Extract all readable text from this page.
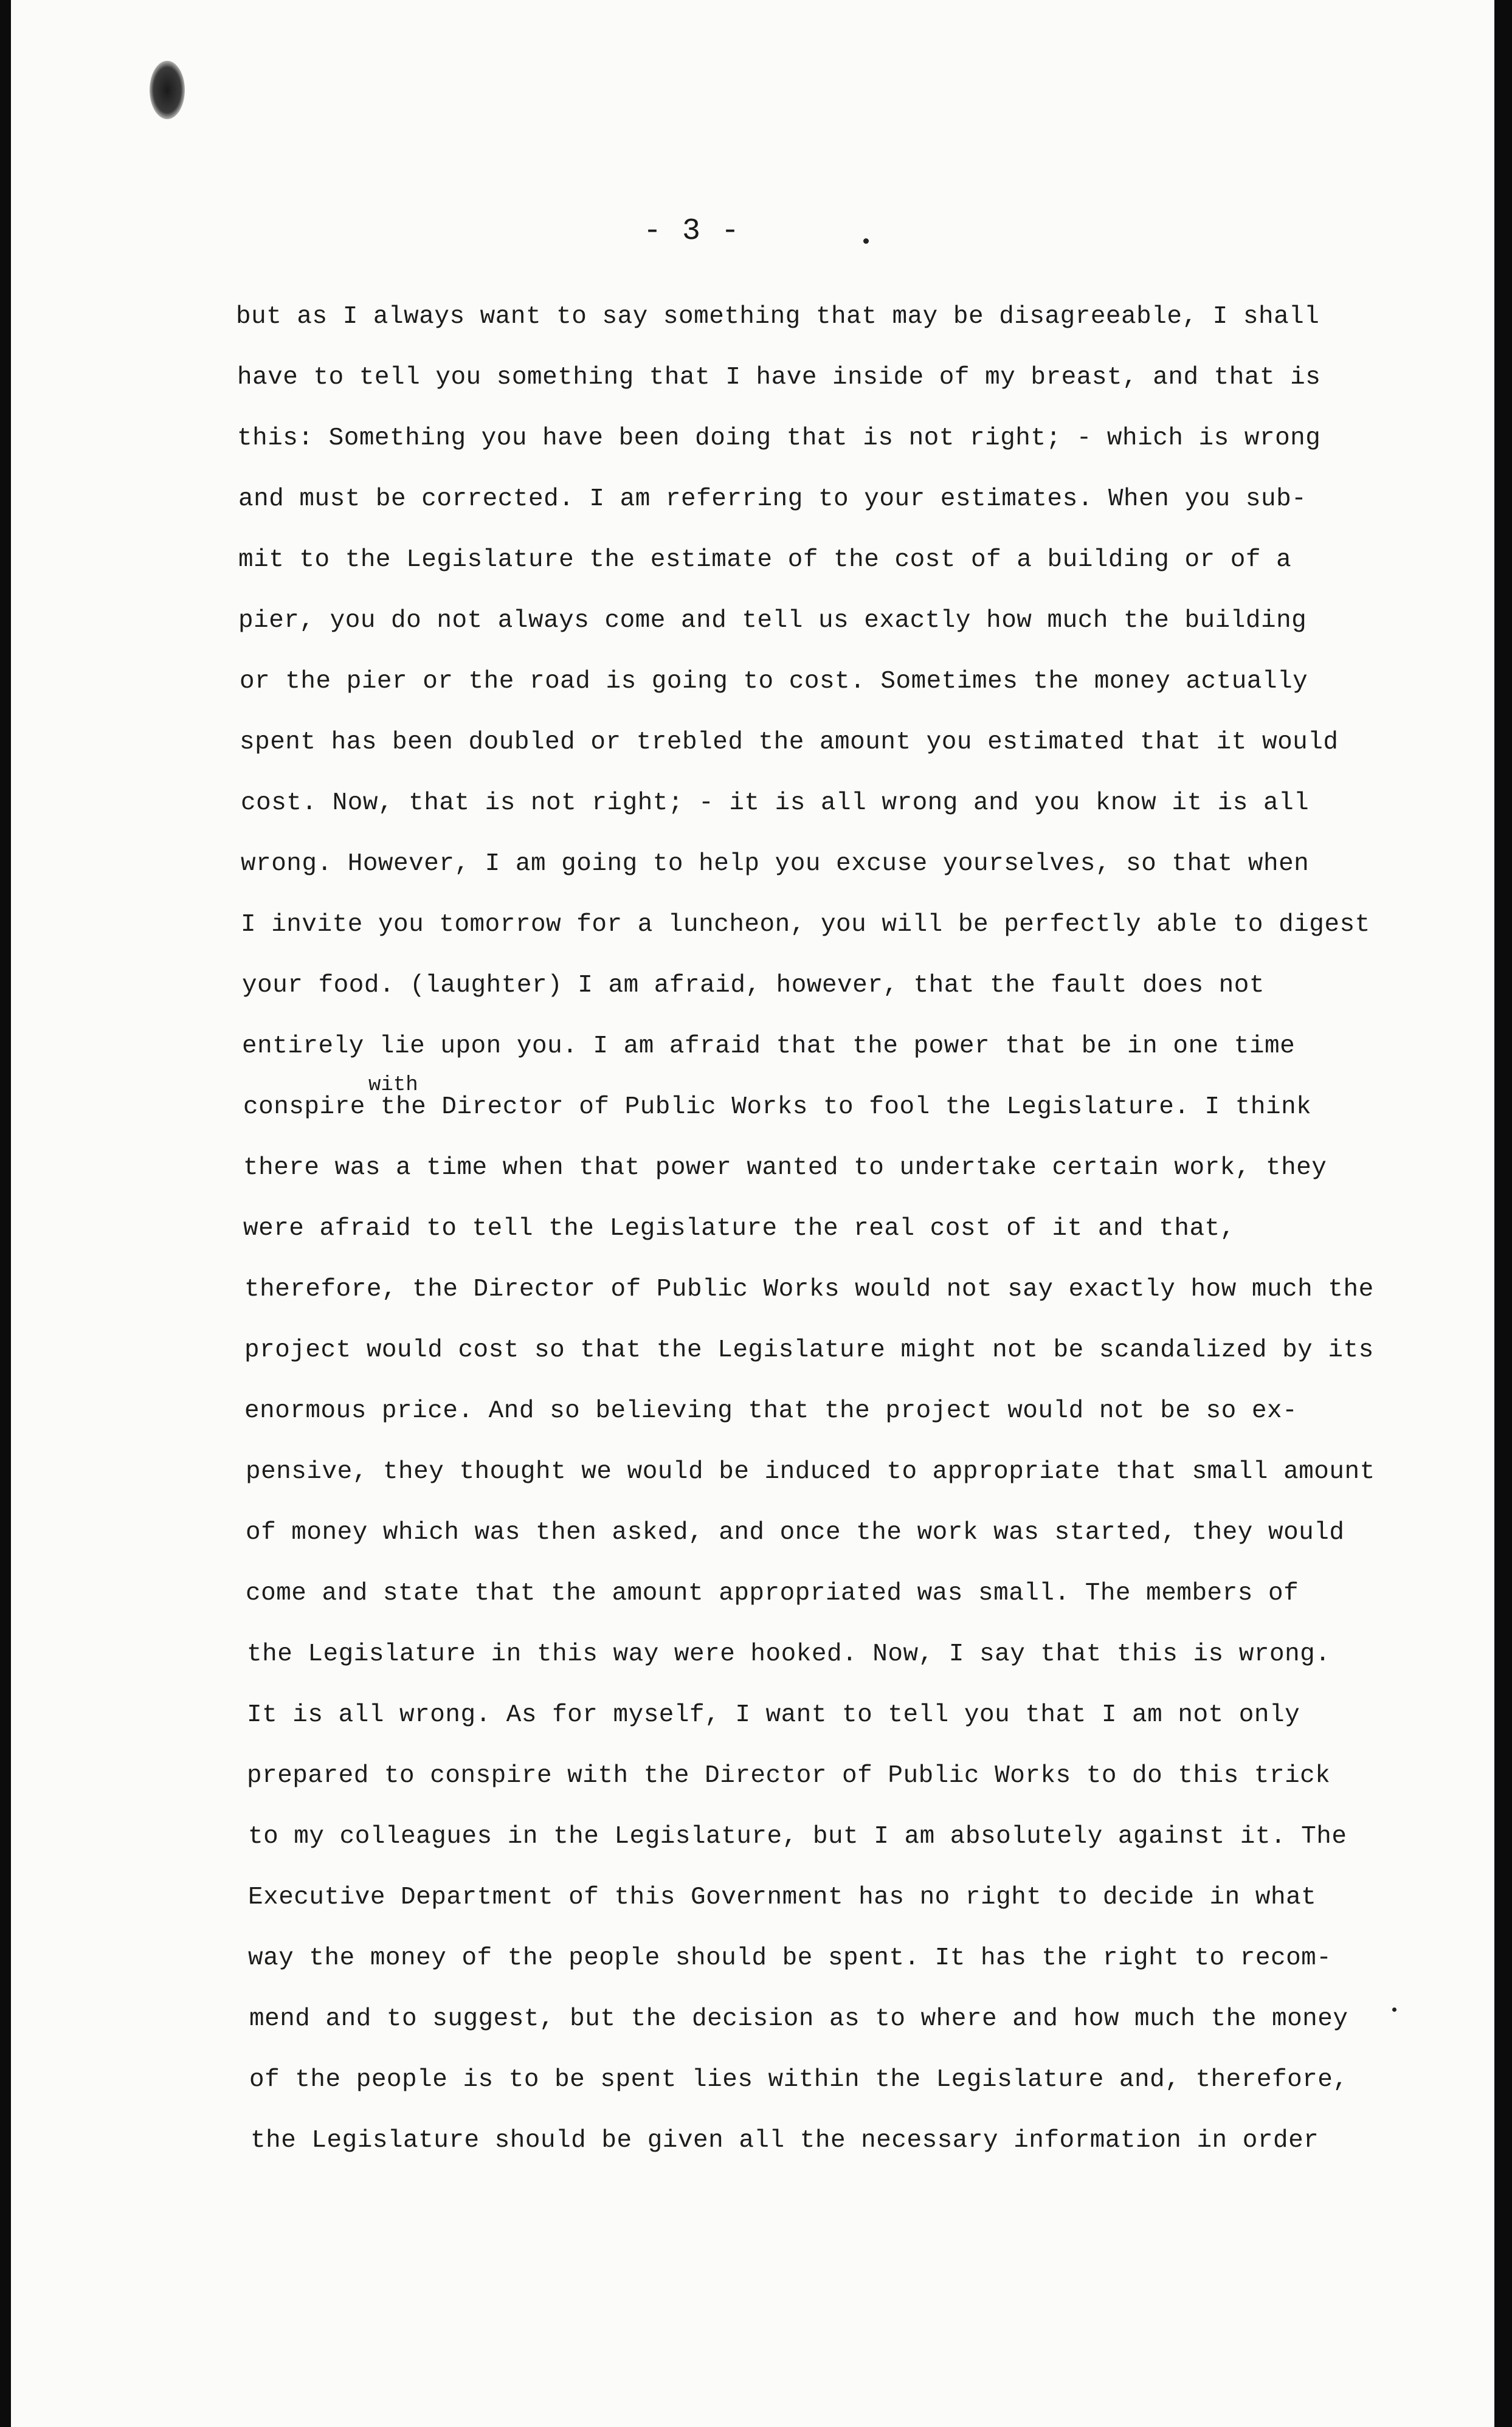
- 3 -
but as I always want to say something that may be disagreeable, I shall
have to tell you something that I have inside of my breast, and that is
this: Something you have been doing that is not right; - which is wrong
and must be corrected. I am referring to your estimates. When you sub-
mit to the Legislature the estimate of the cost of a building or of a
pier, you do not always come and tell us exactly how much the building
or the pier or the road is going to cost. Sometimes the money actually
spent has been doubled or trebled the amount you estimated that it would
cost. Now, that is not right; - it is all wrong and you know it is all
wrong. However, I am going to help you excuse yourselves, so that when
I invite you tomorrow for a luncheon, you will be perfectly able to digest
your food. (laughter) I am afraid, however, that the fault does not
entirely lie upon you. I am afraid that the power that be in one time
with
conspire the Director of Public Works to fool the Legislature. I think
there was a time when that power wanted to undertake certain work, they
were afraid to tell the Legislature the real cost of it and that,
therefore, the Director of Public Works would not say exactly how much the
project would cost so that the Legislature might not be scandalized by its
enormous price. And so believing that the project would not be so ex-
pensive, they thought we would be induced to appropriate that small amount
of money which was then asked, and once the work was started, they would
come and state that the amount appropriated was small. The members of
the Legislature in this way were hooked. Now, I say that this is wrong.
It is all wrong. As for myself, I want to tell you that I am not only
prepared to conspire with the Director of Public Works to do this trick
to my colleagues in the Legislature, but I am absolutely against it. The
Executive Department of this Government has no right to decide in what
way the money of the people should be spent. It has the right to recom-
mend and to suggest, but the decision as to where and how much the money
of the people is to be spent lies within the Legislature and, therefore,
the Legislature should be given all the necessary information in order
